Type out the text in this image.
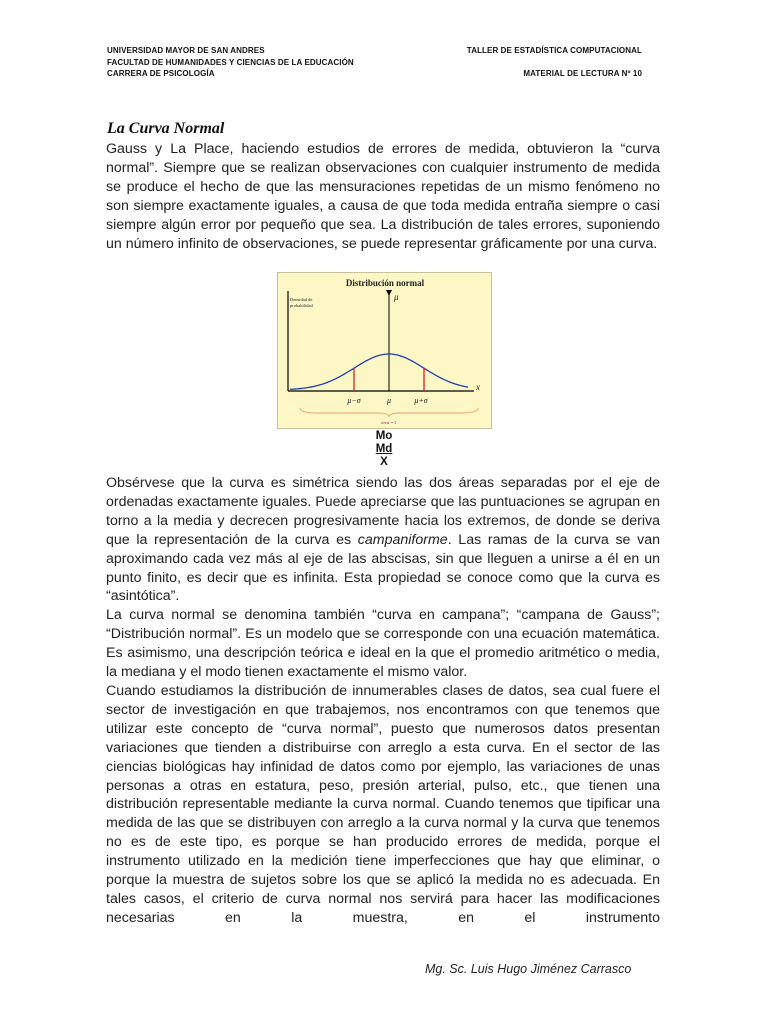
UNIVERSIDAD MAYOR DE SAN ANDRES	TALLER DE ESTADÍSTICA COMPUTACIONAL
FACULTAD DE HUMANIDADES Y CIENCIAS DE LA EDUCACIÓN
CARRERA DE PSICOLOGÍA	MATERIAL DE LECTURA Nº 10
La Curva Normal

Gauss y La Place, haciendo estudios de errores de medida, obtuvieron la “curva normal”. Siempre que se realizan observaciones con cualquier instrumento de medida se produce el hecho de que las mensuraciones repetidas de un mismo fenómeno no son siempre exactamente iguales, a causa de que toda medida entraña siempre o casi siempre algún error por pequeño que sea. La distribución de tales errores, suponiendo un número infinito de observaciones, se puede representar gráficamente por una curva.

Distribución normal
Densidad de
probabilidad
μ
x
μ−σ	μ	μ+σ
área = 1
Mo
Md
X

Obsérvese que la curva es simétrica siendo las dos áreas separadas por el eje de ordenadas exactamente iguales. Puede apreciarse que las puntuaciones se agrupan en torno a la media y decrecen progresivamente hacia los extremos, de donde se deriva que la representación de la curva es campaniforme. Las ramas de la curva se van aproximando cada vez más al eje de las abscisas, sin que lleguen a unirse a él en un punto finito, es decir que es infinita. Esta propiedad se conoce como que la curva es “asintótica”.

La curva normal se denomina también “curva en campana”; “campana de Gauss”; “Distribución normal”. Es un modelo que se corresponde con una ecuación matemática. Es asimismo, una descripción teórica e ideal en la que el promedio aritmético o media, la mediana y el modo tienen exactamente el mismo valor.

Cuando estudiamos la distribución de innumerables clases de datos, sea cual fuere el sector de investigación en que trabajemos, nos encontramos con que tenemos que utilizar este concepto de “curva normal”, puesto que numerosos datos presentan variaciones que tienden a distribuirse con arreglo a esta curva. En el sector de las ciencias biológicas hay infinidad de datos como por ejemplo, las variaciones de unas personas a otras en estatura, peso, presión arterial, pulso, etc., que tienen una distribución representable mediante la curva normal. Cuando tenemos que tipificar una medida de las que se distribuyen con arreglo a la curva normal y la curva que tenemos no es de este tipo, es porque se han producido errores de medida, porque el instrumento utilizado en la medición tiene imperfecciones que hay que eliminar, o porque la muestra de sujetos sobre los que se aplicó la medida no es adecuada. En tales casos, el criterio de curva normal nos servirá para hacer las modificaciones necesarias en la muestra, en el instrumento

Mg. Sc. Luis Hugo Jiménez Carrasco
